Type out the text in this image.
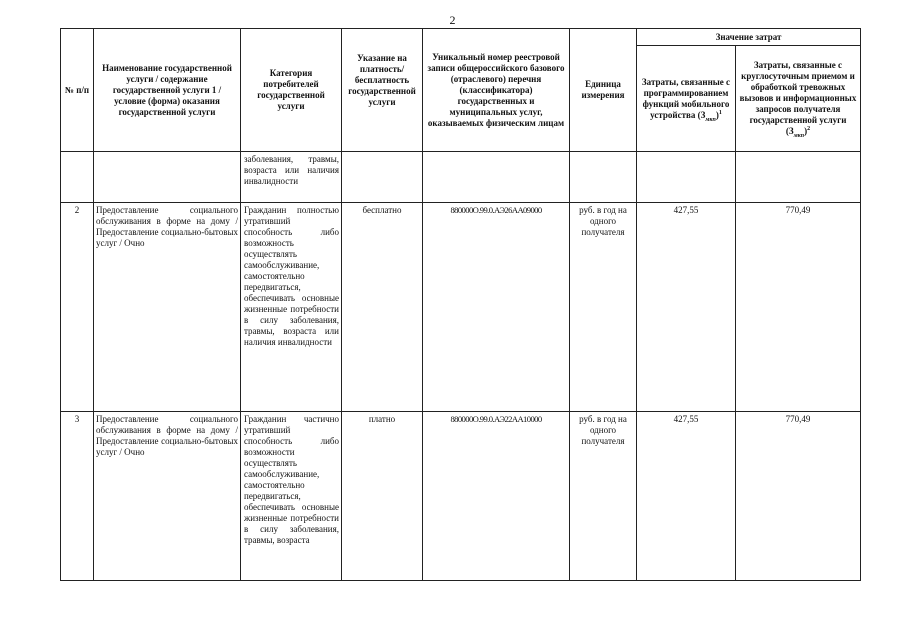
2
№ п/п	Наименование государственной услуги / содержание государственной услуги 1 / условие (форма) оказания государственной услуги	Категория потребителей государственной услуги	Указание на платность/ бесплатность государственной услуги	Уникальный номер реестровой записи общероссийского базового (отраслевого) перечня (классификатора) государственных и муниципальных услуг, оказываемых физическим лицам	Единица измерения	Значение затрат	
						Затраты, связанные с программированием функций мобильного устройства $(З_{мкп})^1$	Затраты, связанные с круглосуточным приемом и обработкой тревожных вызовов и информационных запросов получателя государственной услуги $(З_{мкп})^2$
		заболевания, травмы, возраста или наличия инвалидности					
2	Предоставление социального обслуживания в форме на дому / Предоставление социально-бытовых услуг / Очно	Гражданин полностью утративший способность либо возможность осуществлять самообслуживание, самостоятельно передвигаться, обеспечивать основные жизненные потребности в силу заболевания, травмы, возраста или наличия инвалидности	бесплатно	880000О.99.0.АЭ26АА09000	руб. в год на одного получателя	427,55	770,49
3	Предоставление социального обслуживания в форме на дому / Предоставление социально-бытовых услуг / Очно	Гражданин частично утративший способность либо возможности осуществлять самообслуживание, самостоятельно передвигаться, обеспечивать основные жизненные потребности в силу заболевания, травмы, возраста	платно	880000О.99.0.АЭ22АА10000	руб. в год на одного получателя	427,55	770,49
